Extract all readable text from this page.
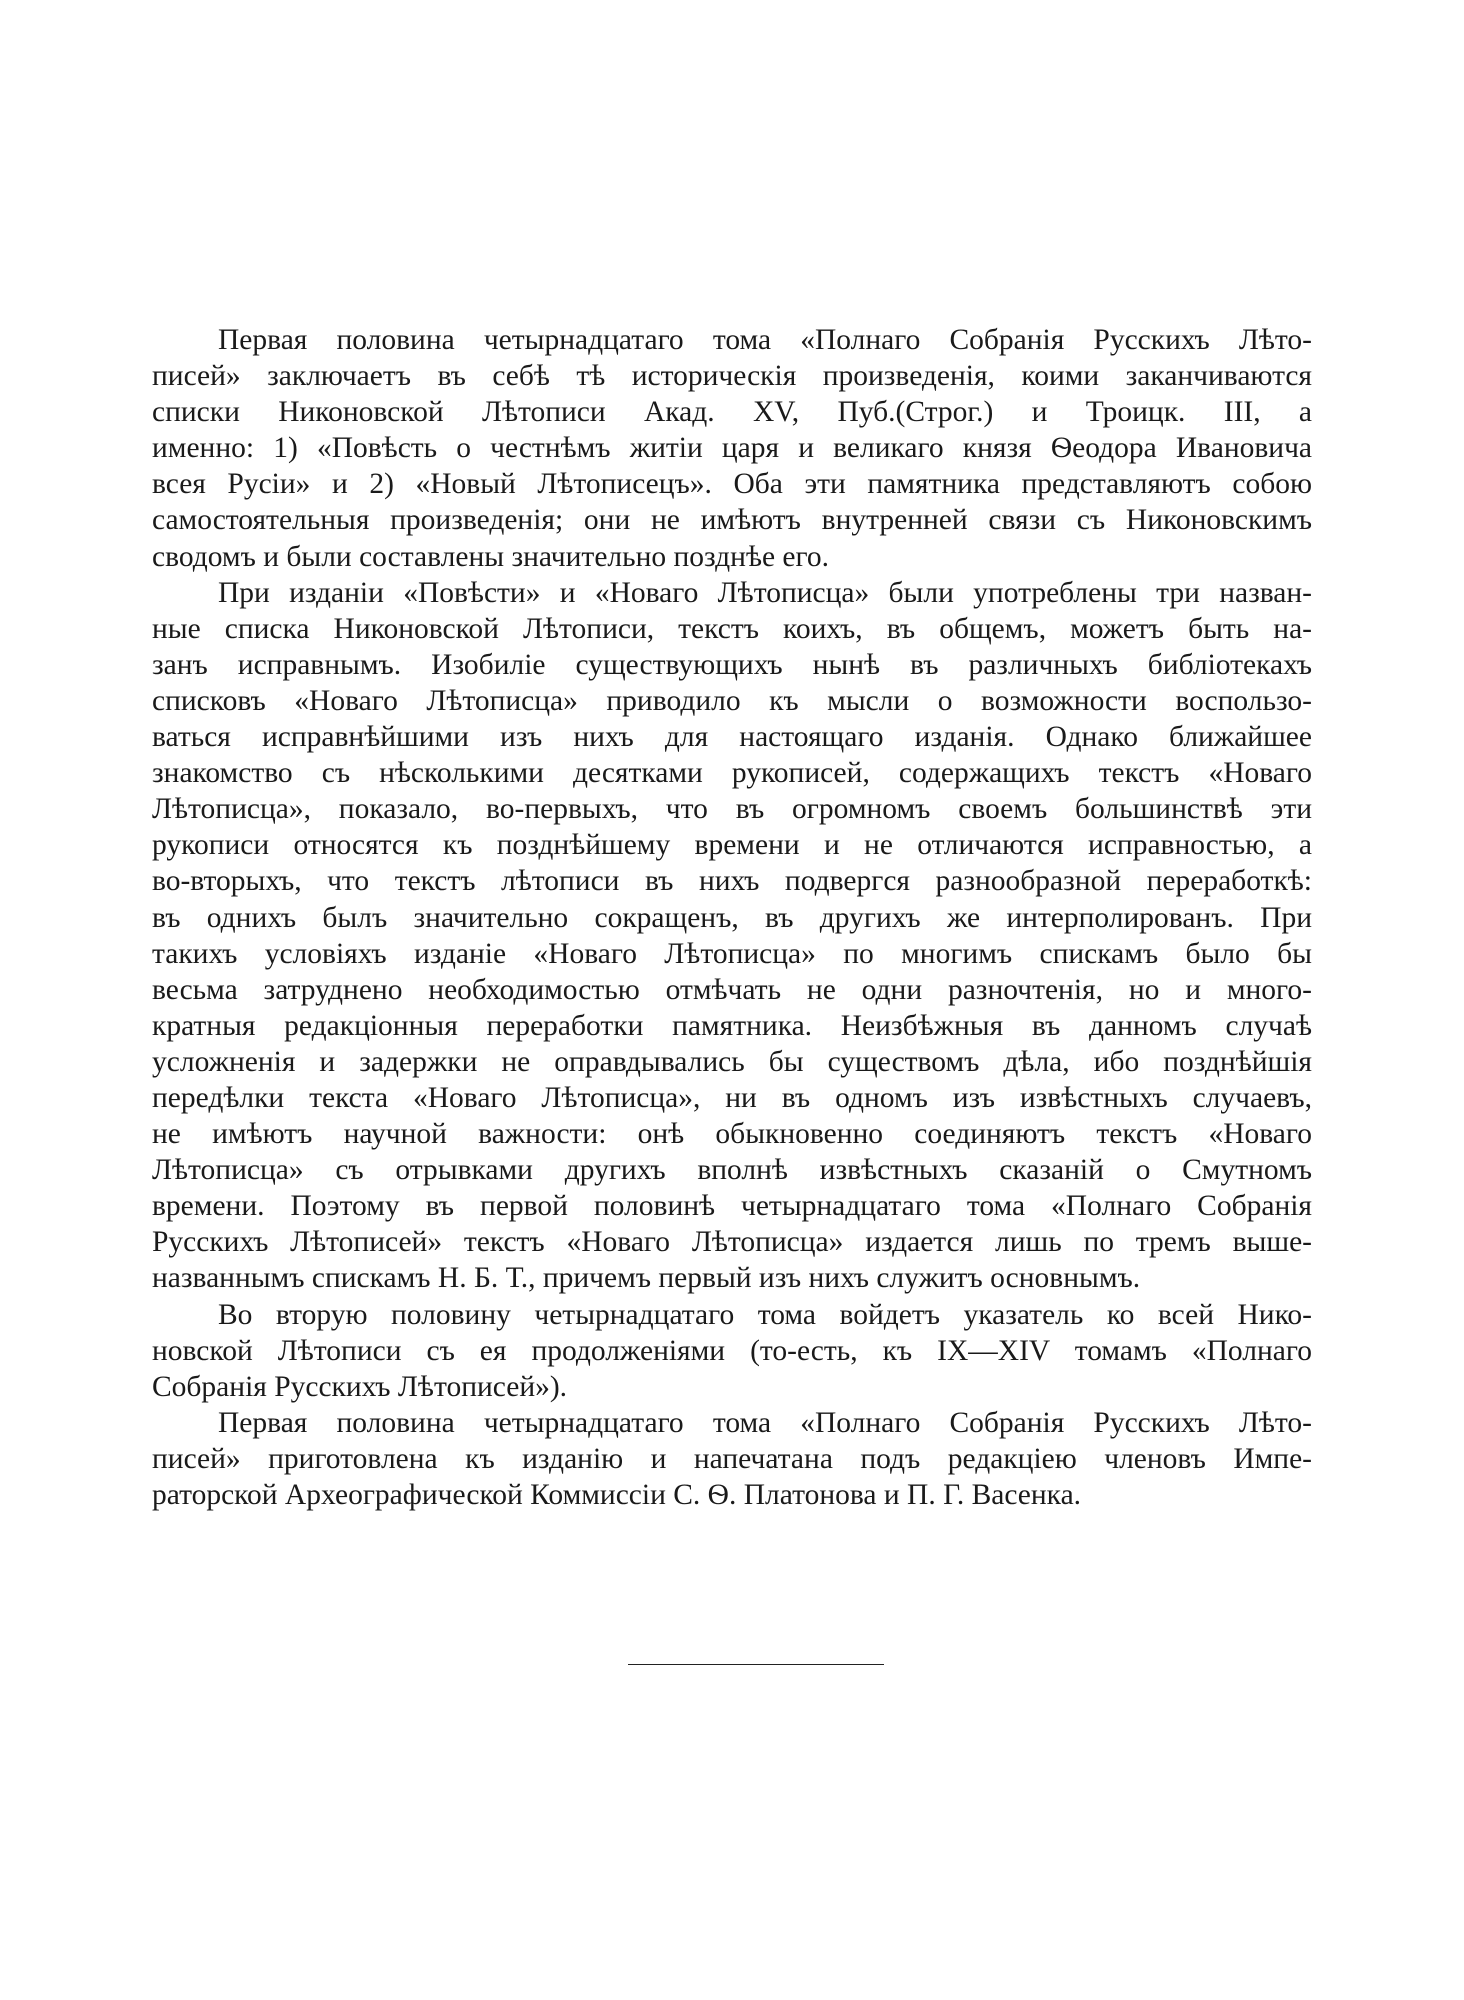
Первая половина четырнадцатаго тома «Полнаго Собранія Русскихъ Лѣто-
писей» заключаетъ въ себѣ тѣ историческія произведенія, коими заканчиваются
списки Никоновской Лѣтописи Акад. XV, Пуб.(Строг.) и Троицк. III, а
именно: 1) «Повѣсть о честнѣмъ житіи царя и великаго князя Ѳеодора Ивановича
всея Русіи» и 2) «Новый Лѣтописецъ». Оба эти памятника представляютъ собою
самостоятельныя произведенія; они не имѣютъ внутренней связи съ Никоновскимъ
сводомъ и были составлены значительно позднѣе его.
При изданіи «Повѣсти» и «Новаго Лѣтописца» были употреблены три назван-
ные списка Никоновской Лѣтописи, текстъ коихъ, въ общемъ, можетъ быть на-
занъ исправнымъ. Изобиліе существующихъ нынѣ въ различныхъ библіотекахъ
списковъ «Новаго Лѣтописца» приводило къ мысли о возможности воспользо-
ваться исправнѣйшими изъ нихъ для настоящаго изданія. Однако ближайшее
знакомство съ нѣсколькими десятками рукописей, содержащихъ текстъ «Новаго
Лѣтописца», показало, во-первыхъ, что въ огромномъ своемъ большинствѣ эти
рукописи относятся къ позднѣйшему времени и не отличаются исправностью, а
во-вторыхъ, что текстъ лѣтописи въ нихъ подвергся разнообразной переработкѣ:
въ однихъ былъ значительно сокращенъ, въ другихъ же интерполированъ. При
такихъ условіяхъ изданіе «Новаго Лѣтописца» по многимъ спискамъ было бы
весьма затруднено необходимостью отмѣчать не одни разночтенія, но и много-
кратныя редакціонныя переработки памятника. Неизбѣжныя въ данномъ случаѣ
усложненія и задержки не оправдывались бы существомъ дѣла, ибо позднѣйшія
передѣлки текста «Новаго Лѣтописца», ни въ одномъ изъ извѣстныхъ случаевъ,
не имѣютъ научной важности: онѣ обыкновенно соединяютъ текстъ «Новаго
Лѣтописца» съ отрывками другихъ вполнѣ извѣстныхъ сказаній о Смутномъ
времени. Поэтому въ первой половинѣ четырнадцатаго тома «Полнаго Собранія
Русскихъ Лѣтописей» текстъ «Новаго Лѣтописца» издается лишь по тремъ выше-
названнымъ спискамъ Н. Б. Т., причемъ первый изъ нихъ служитъ основнымъ.
Во вторую половину четырнадцатаго тома войдетъ указатель ко всей Нико-
новской Лѣтописи съ ея продолженіями (то-есть, къ IX—XIV томамъ «Полнаго
Собранія Русскихъ Лѣтописей»).
Первая половина четырнадцатаго тома «Полнаго Собранія Русскихъ Лѣто-
писей» приготовлена къ изданію и напечатана подъ редакціею членовъ Импе-
раторской Археографической Коммиссіи С. Ѳ. Платонова и П. Г. Васенка.
